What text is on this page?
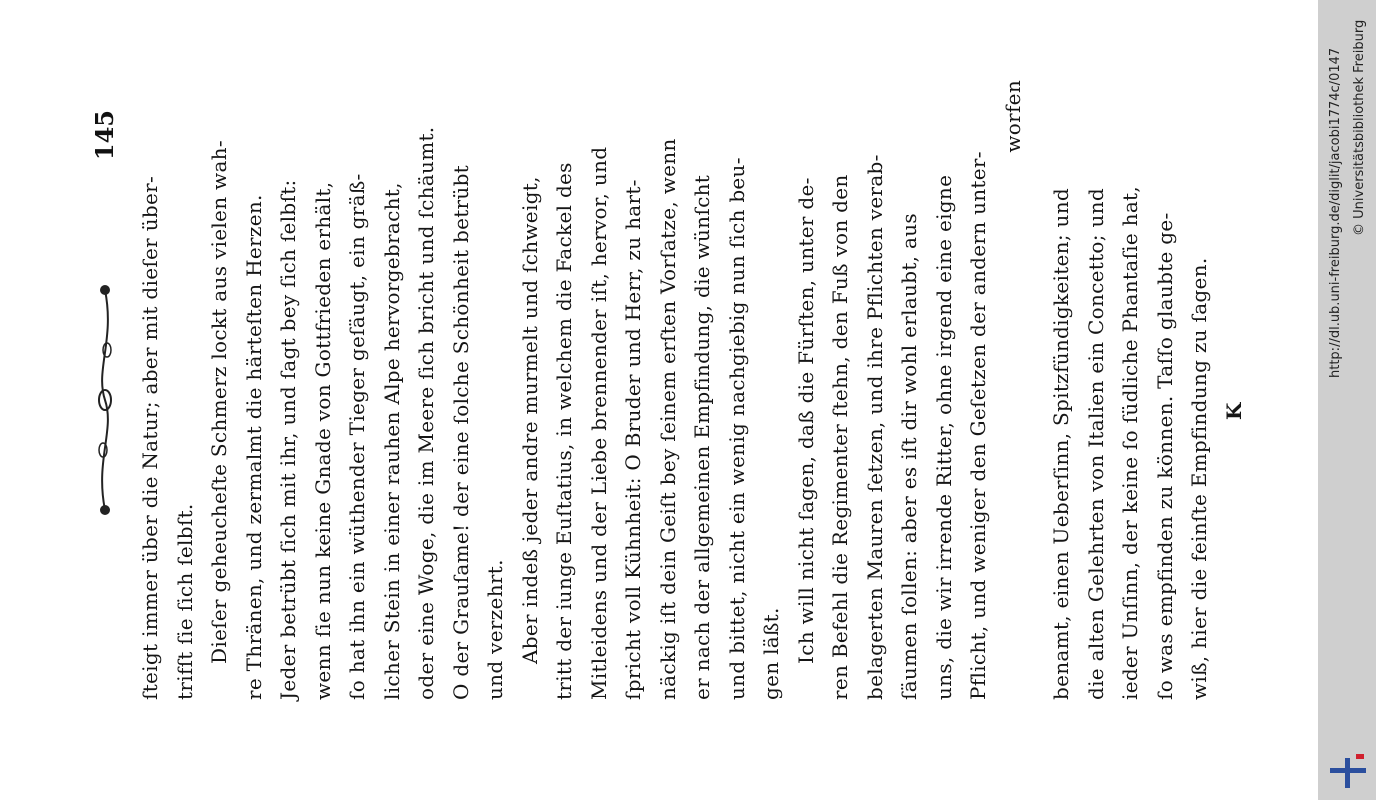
145
ſteigt immer über die Natur; aber mit dieſer über- trifſt ſie ſich ſelbſt. Dieſer geheucheſte Schmerz lockt aus vielen wah- re Thränen, und zermalmt die härteſten Herzen. Jeder betrübt ſich mit ihr, und ſagt bey ſich ſelbſt: wenn ſie nun keine Gnade von Gottfrieden erhält, ſo hat ihn ein wüthender Tieger geſäugt, ein gräß- licher Stein in einer rauhen Alpe hervorgebracht, oder eine Woge, die im Meere ſich bricht und ſchäumt. O der Grauſame! der eine ſolche Schönheit betrübt und verzehrt. Aber indeß jeder andre murmelt und ſchweigt, tritt der iunge Euſtatius, in welchem die Fackel des Mitleidens und der Liebe brennender iſt, hervor, und ſpricht voll Kühnheit: O Bruder und Herr, zu hart- näckig iſt dein Geiſt bey ſeinem erſten Vorſatze, wenn er nach der allgemeinen Empfindung, die wünſcht und bittet, nicht ein wenig nachgiebig nun ſich beu- gen läßt. Ich will nicht ſagen, daß die Fürſten, unter de- ren Befehl die Regimenter ſtehn, den Fuß von den belagerten Mauren ſetzen, und ihre Pflichten verab- ſäumen ſollen: aber es iſt dir wohl erlaubt, aus uns, die wir irrende Ritter, ohne irgend eine eigne Pflicht, und weniger den Geſetzen der andern unter-
worfen
benamt, einen Ueberſinn, Spitzfündigkeiten; und die alten Gelehrten von Italien ein Concetto; und ieder Unſinn, der keine ſo ſüdliche Phantaſie hat, ſo was empfinden zu können. Taſſo glaubte ge- wiß, hier die feinſte Empfindung zu ſagen. K
http://dl.ub.uni-freiburg.de/diglit/jacobi1774c/0147 © Universitätsbibliothek Freiburg
